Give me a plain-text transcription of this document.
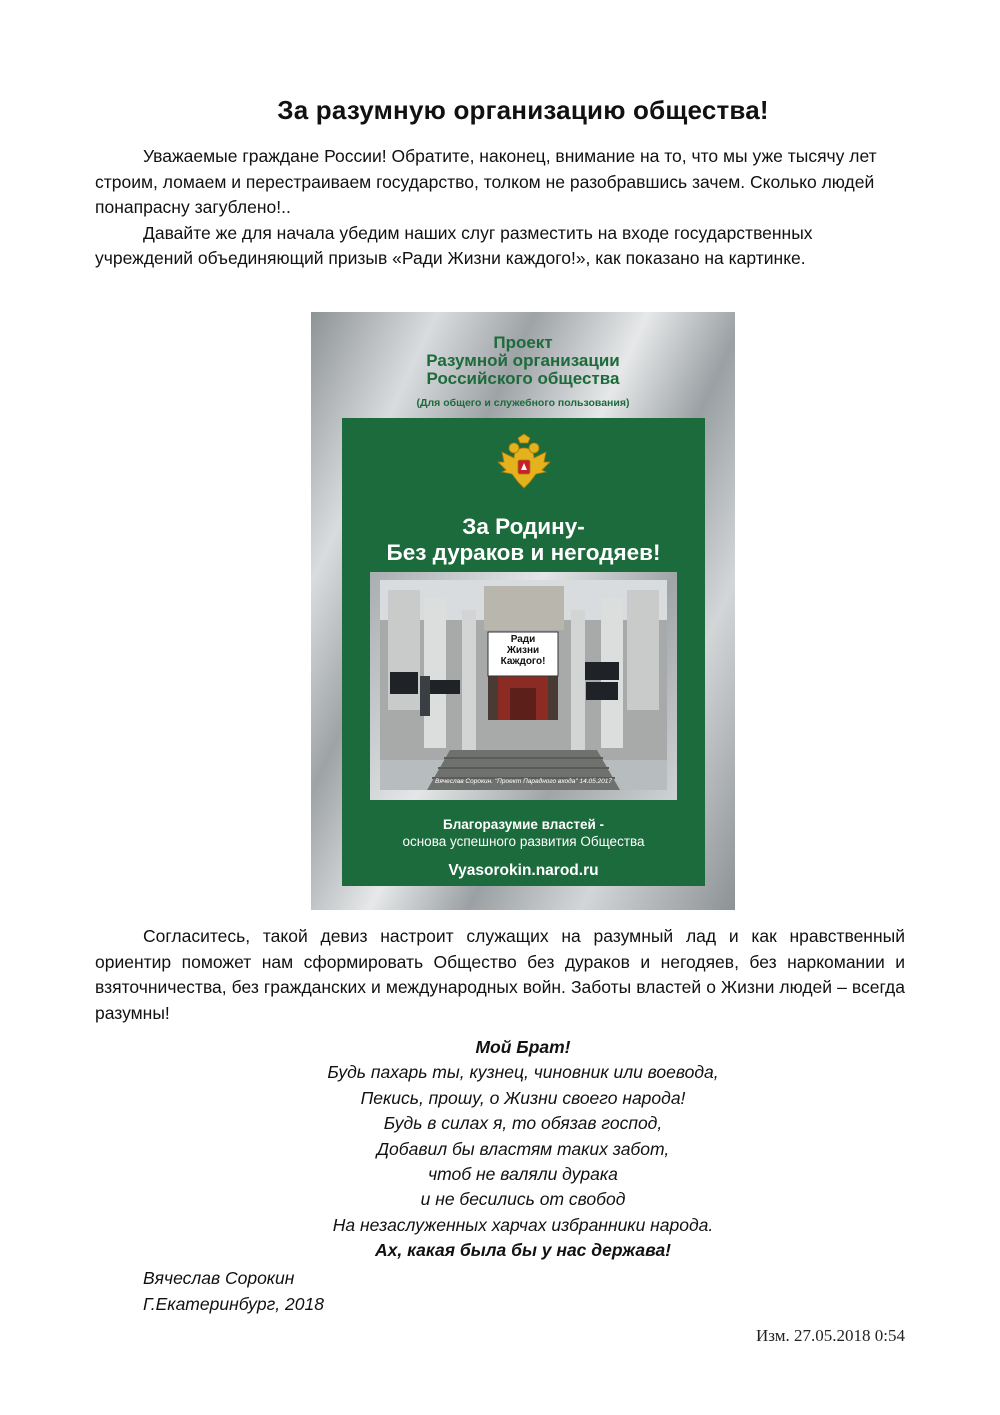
За разумную организацию общества!

Уважаемые граждане России! Обратите, наконец, внимание на то, что мы уже тысячу лет строим, ломаем и перестраиваем государство, толком не разобравшись зачем. Сколько людей понапрасну загублено!..

Давайте же для начала убедим наших слуг разместить на входе государственных учреждений объединяющий призыв «Ради Жизни каждого!», как показано на картинке.

Проект
Разумной организации
Российского общества
(Для общего и служебного пользования)
За Родину-
Без дураков и негодяев!
Ради
Жизни
Каждого!
Вячеслав Сорокин. "Проект Парадного входа" 14.05.2017
Благоразумие властей -
основа успешного развития Общества
Vyasorokin.narod.ru

Согласитесь, такой девиз настроит служащих на разумный лад и как нравственный ориентир поможет нам сформировать Общество без дураков и негодяев, без наркомании и взяточничества, без гражданских и международных войн. Заботы властей о Жизни людей – всегда разумны!

Мой Брат!
Будь пахарь ты, кузнец, чиновник или воевода,
Пекись, прошу, о Жизни своего народа!
Будь в силах я, то обязав господ,
Добавил бы властям таких забот,
чтоб не валяли дурака
и не бесились от свобод
На незаслуженных харчах избранники народа.
Ах, какая была бы у нас держава!
Вячеслав Сорокин
Г.Екатеринбург, 2018
Изм. 27.05.2018 0:54
